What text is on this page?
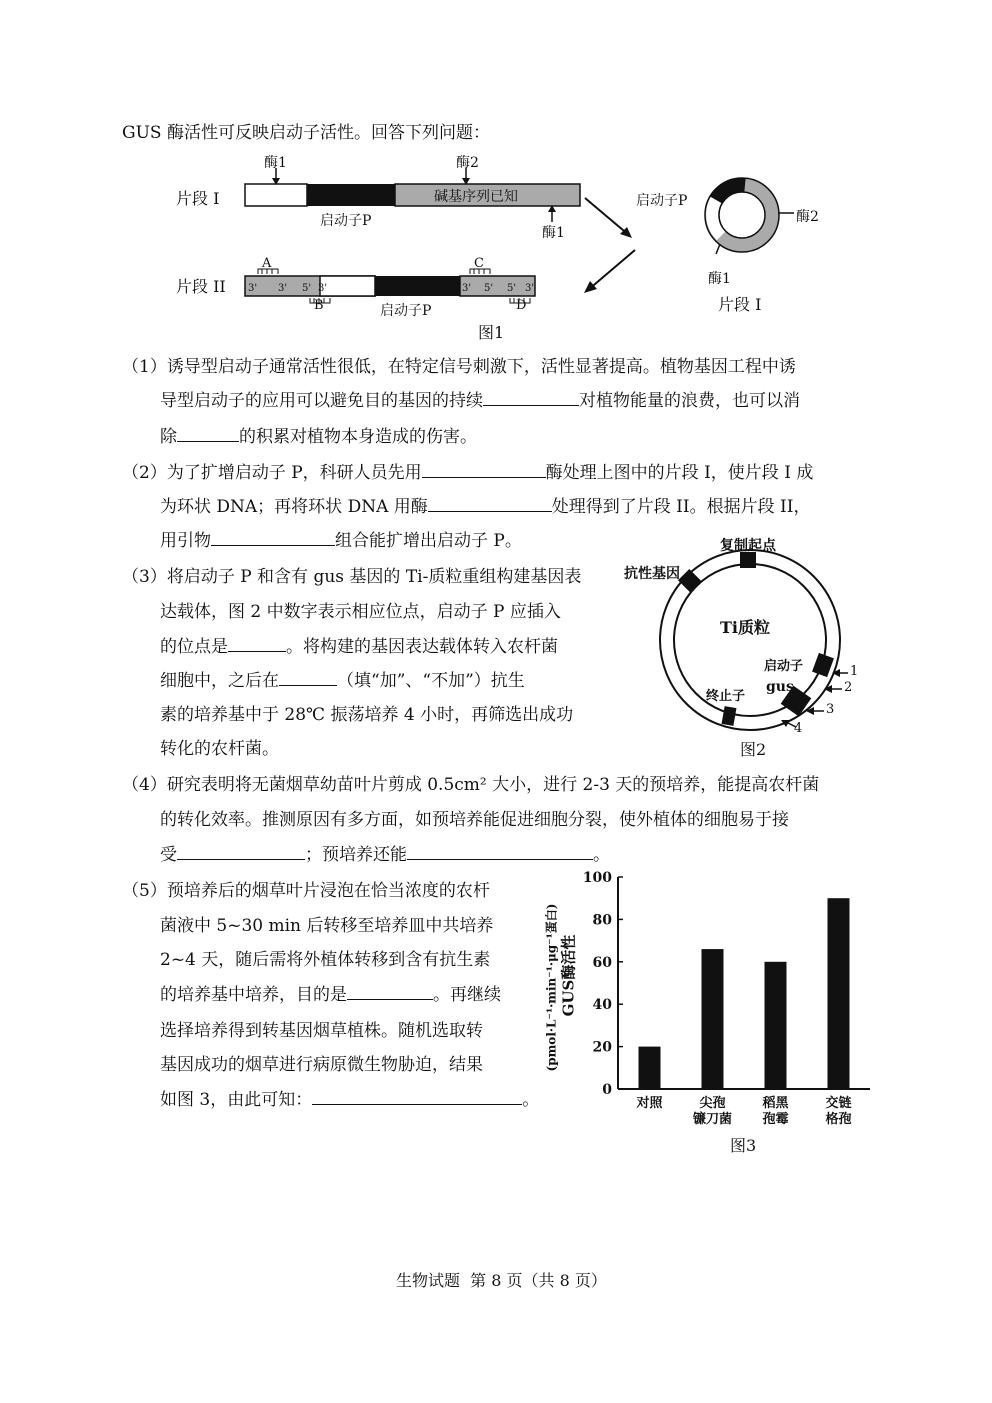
GUS 酶活性可反映启动子活性。回答下列问题：
3' 3' 5' 3'	3' 5' 5' 3'
片段 I
酶1	酶2
碱基序列已知
启动子P
酶1
启动子P
酶2
酶1
片段 I
片段 II
A
B
C
D
启动子P
图1
（1）诱导型启动子通常活性很低，在特定信号刺激下，活性显著提高。植物基因工程中诱
导型启动子的应用可以避免目的基因的持续	对植物能量的浪费，也可以消
除	的积累对植物本身造成的伤害。
（2）为了扩增启动子 P，科研人员先用	酶处理上图中的片段 I，使片段 I 成
为环状 DNA；再将环状 DNA 用酶	处理得到了片段 II。根据片段 II，
用引物	组合能扩增出启动子 P。
（3）将启动子 P 和含有 gus 基因的 Ti-质粒重组构建基因表
达载体，图 2 中数字表示相应位点，启动子 P 应插入
的位点是	。将构建的基因表达载体转入农杆菌
细胞中，之后在	（填“加”、“不加”）抗生
素的培养基中于 28℃ 振荡培养 4 小时，再筛选出成功
转化的农杆菌。
复制起点
抗性基因
Ti质粒
启动子
gus
终止子
1
2
3
4
图2
（4）研究表明将无菌烟草幼苗叶片剪成 0.5cm² 大小，进行 2-3 天的预培养，能提高农杆菌
的转化效率。推测原因有多方面，如预培养能促进细胞分裂，使外植体的细胞易于接
受	；预培养还能	。
（5）预培养后的烟草叶片浸泡在恰当浓度的农杆
菌液中 5~30 min 后转移至培养皿中共培养
2~4 天，随后需将外植体转移到含有抗生素
的培养基中培养，目的是	。再继续
选择培养得到转基因烟草植株。随机选取转
基因成功的烟草进行病原微生物胁迫，结果
如图 3，由此可知：	。	0
20
40
60
80
100
对照	尖孢
镰刀菌
稻黑
孢霉
交链
格孢
GUS酶活性
(pmol·L⁻¹·min⁻¹·μg⁻¹蛋白)
图3
生物试题  第 8 页（共 8 页）
